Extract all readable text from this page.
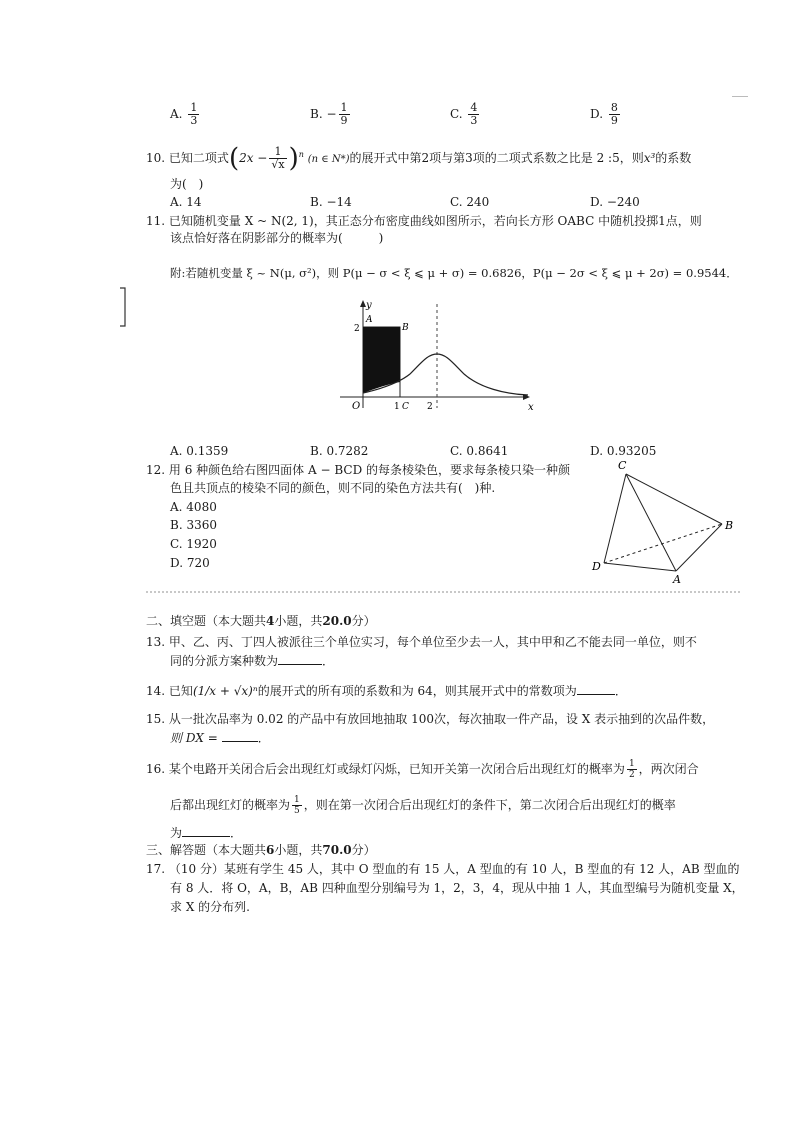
A. $\frac{1}{3}$	B. − $\frac{1}{9}$	C. $\frac{4}{3}$	D. $\frac{8}{9}$
10. 已知二项式$(2x - \frac{1}{√x} )^n$ (n ∈ N*)的展开式中第2项与第3项的二项式系数之比是 2 :5，则x³的系数
为(　)
A. 14	B. −14	C. 240	D. −240
11. 已知随机变量 X ~ N(2, 1)，其正态分布密度曲线如图所示，若向长方形 OABC 中随机投掷1点，则
该点恰好落在阴影部分的概率为(　　　)
附:若随机变量 ξ ~ N(μ, σ²)，则 P(μ − σ < ξ ⩽ μ + σ) = 0.6826，P(μ − 2σ < ξ ⩽ μ + 2σ) = 0.9544．
y
x
O
A
B
C
2
1	2
A. 0.1359	B. 0.7282	C. 0.8641	D. 0.93205
12. 用 6 种颜色给右图四面体 A − BCD 的每条棱染色，要求每条棱只染一种颜
色且共顶点的棱染不同的颜色，则不同的染色方法共有(　)种.
A. 4080
B. 3360
C. 1920
D. 720
C
B
D
A
二、填空题（本大题共4小题，共20.0分）
13. 甲、乙、丙、丁四人被派往三个单位实习，每个单位至少去一人，其中甲和乙不能去同一单位，则不
同的分派方案种数为	．
14. 已知(1/x + √x)ⁿ的展开式的所有项的系数和为 64，则其展开式中的常数项为	．
15. 从一批次品率为 0.02 的产品中有放回地抽取 100次，每次抽取一件产品，设 X 表示抽到的次品件数，
则 DX =	．
16. 某个电路开关闭合后会出现红灯或绿灯闪烁，已知开关第一次闭合后出现红灯的概率为 $\frac{1}{2}$ ，两次闭合
后都出现红灯的概率为 $\frac{1}{5}$ ，则在第一次闭合后出现红灯的条件下，第二次闭合后出现红灯的概率
为	．
三、解答题（本大题共6小题，共70.0分）
17. （10 分）某班有学生 45 人，其中 O 型血的有 15 人，A 型血的有 10 人，B 型血的有 12 人，AB 型血的
有 8 人．将 O，A，B，AB 四种血型分别编号为 1，2，3，4，现从中抽 1 人，其血型编号为随机变量 X，
求 X 的分布列.
